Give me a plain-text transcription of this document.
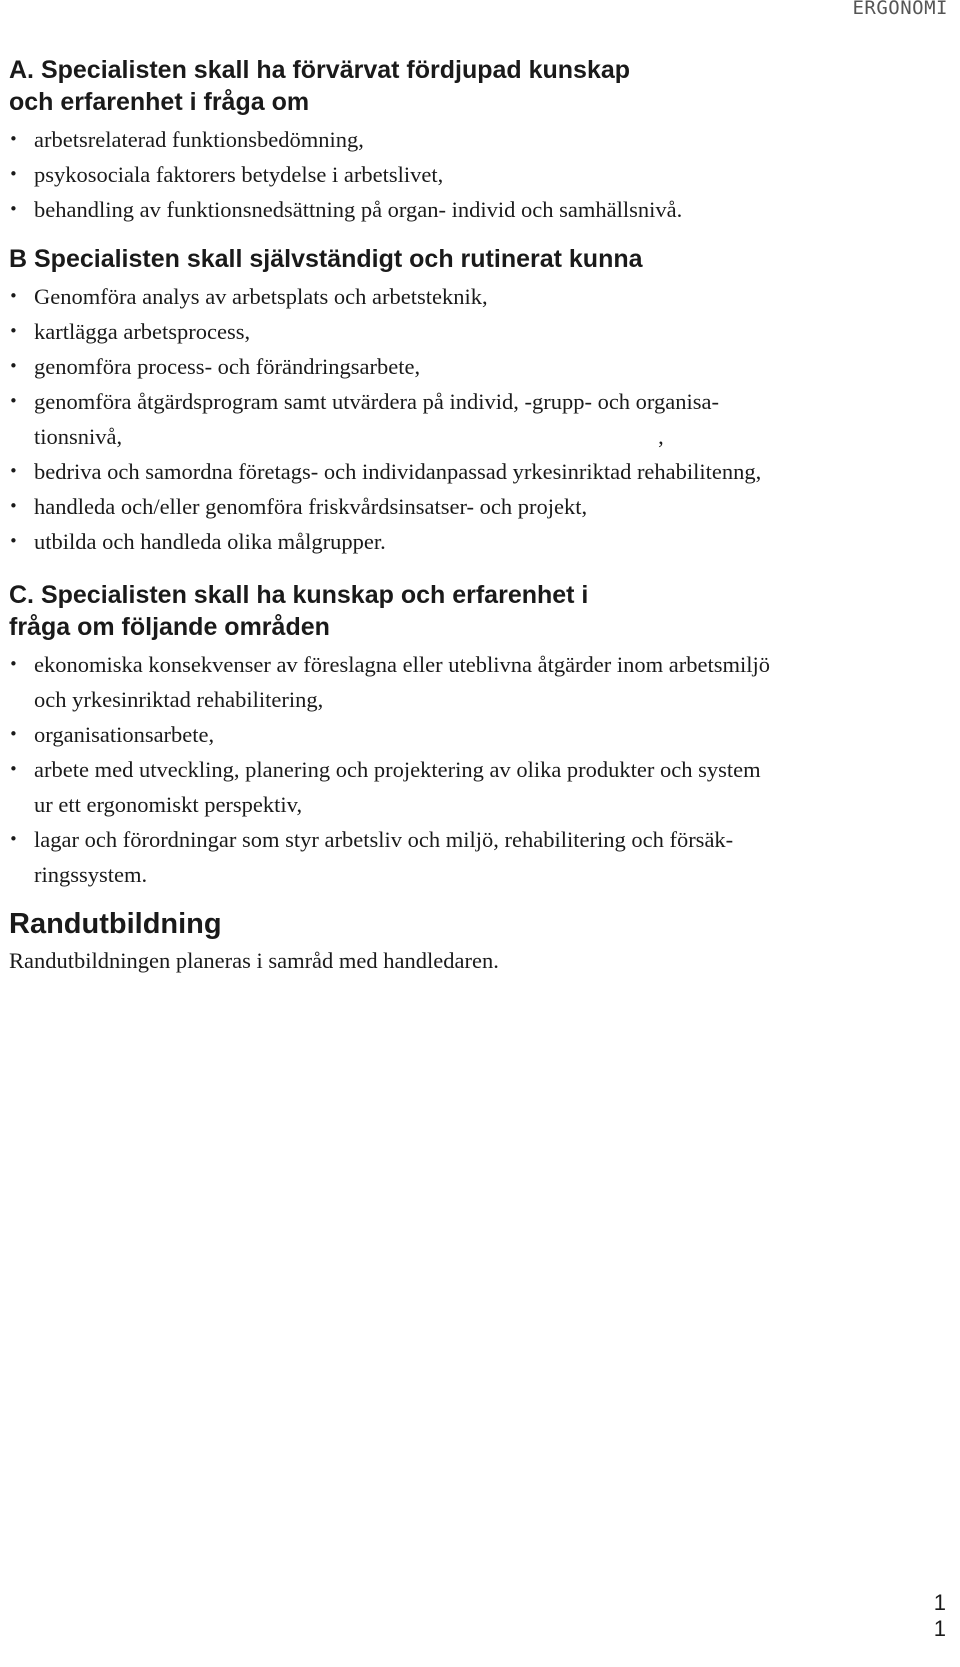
ERGONOMI
A. Specialisten skall ha förvärvat fördjupad kunskap
och erfarenhet i fråga om
• arbetsrelaterad funktionsbedömning,
• psykosociala faktorers betydelse i arbetslivet,
• behandling av funktionsnedsättning på organ- individ och samhällsnivå.
B Specialisten skall självständigt och rutinerat kunna
• Genomföra analys av arbetsplats och arbetsteknik,
• kartlägga arbetsprocess,
• genomföra process- och förändringsarbete,
• genomföra åtgärdsprogram samt utvärdera på individ, -grupp- och organisa-
tionsnivå,	,
• bedriva och samordna företags- och individanpassad yrkesinriktad rehabilitenng,
• handleda och/eller genomföra friskvårdsinsatser- och projekt,
• utbilda och handleda olika målgrupper.
C. Specialisten skall ha kunskap och erfarenhet i
fråga om följande områden
• ekonomiska konsekvenser av föreslagna eller uteblivna åtgärder inom arbetsmiljö
och yrkesinriktad rehabilitering,
• organisationsarbete,
• arbete med utveckling, planering och projektering av olika produkter och system
ur ett ergonomiskt perspektiv,
• lagar och förordningar som styr arbetsliv och miljö, rehabilitering och försäk-
ringssystem.
Randutbildning

Randutbildningen planeras i samråd med handledaren.

1
1
